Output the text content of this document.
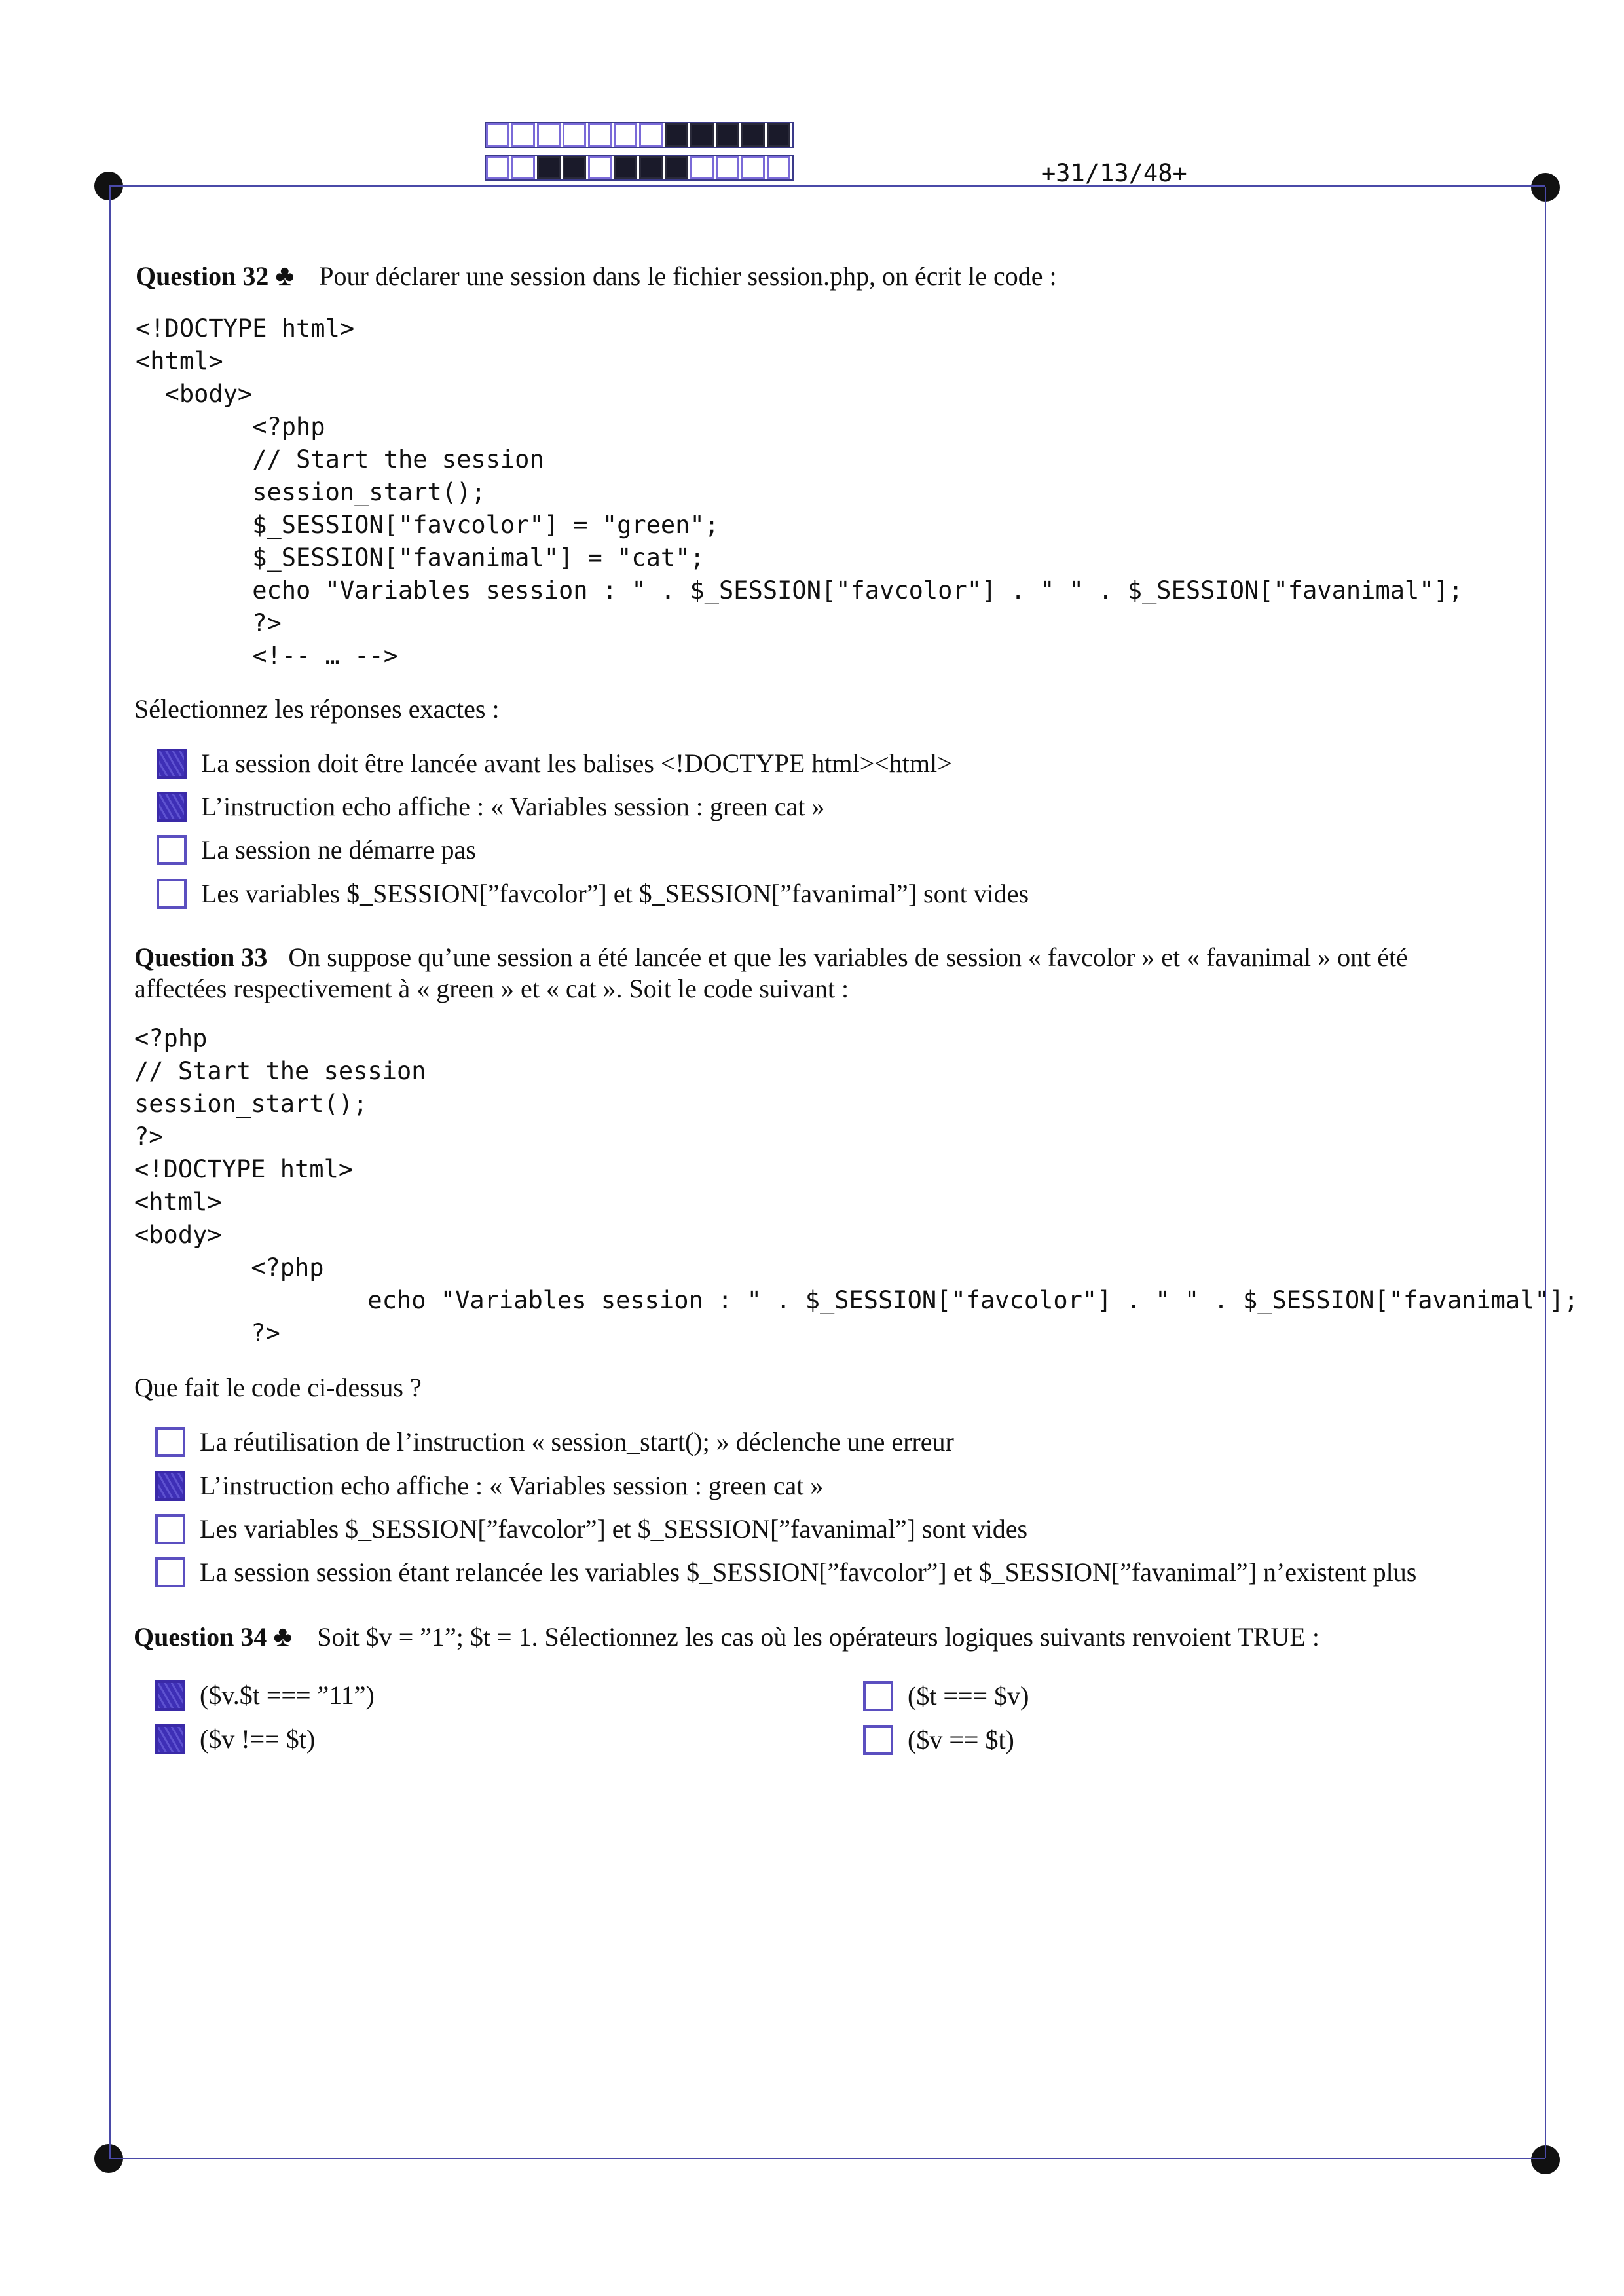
+31/13/48+
Question 32 ♣ Pour déclarer une session dans le fichier session.php, on écrit le code :
<!DOCTYPE html>
<html>
<body>
<?php
// Start the session
session_start();
$_SESSION["favcolor"] = "green";
$_SESSION["favanimal"] = "cat";
echo "Variables session : " . $_SESSION["favcolor"] . " " . $_SESSION["favanimal"];
?>
<!-- … -->
Sélectionnez les réponses exactes :
La session doit être lancée avant les balises <!DOCTYPE html><html>
L’instruction echo affiche : « Variables session : green cat »
La session ne démarre pas
Les variables $_SESSION[”favcolor”] et $_SESSION[”favanimal”] sont vides
Question 33 On suppose qu’une session a été lancée et que les variables de session « favcolor » et « favanimal » ont été
affectées respectivement à « green » et « cat ». Soit le code suivant :
<?php
// Start the session
session_start();
?>
<!DOCTYPE html>
<html>
<body>
<?php
echo "Variables session : " . $_SESSION["favcolor"] . " " . $_SESSION["favanimal"];
?>
Que fait le code ci-dessus ?
La réutilisation de l’instruction « session_start(); » déclenche une erreur
L’instruction echo affiche : « Variables session : green cat »
Les variables $_SESSION[”favcolor”] et $_SESSION[”favanimal”] sont vides
La session session étant relancée les variables $_SESSION[”favcolor”] et $_SESSION[”favanimal”] n’existent plus
Question 34 ♣ Soit $v = ”1”; $t = 1. Sélectionnez les cas où les opérateurs logiques suivants renvoient TRUE :
($v.$t === ”11”)
($v !== $t)
($t === $v)
($v == $t)
